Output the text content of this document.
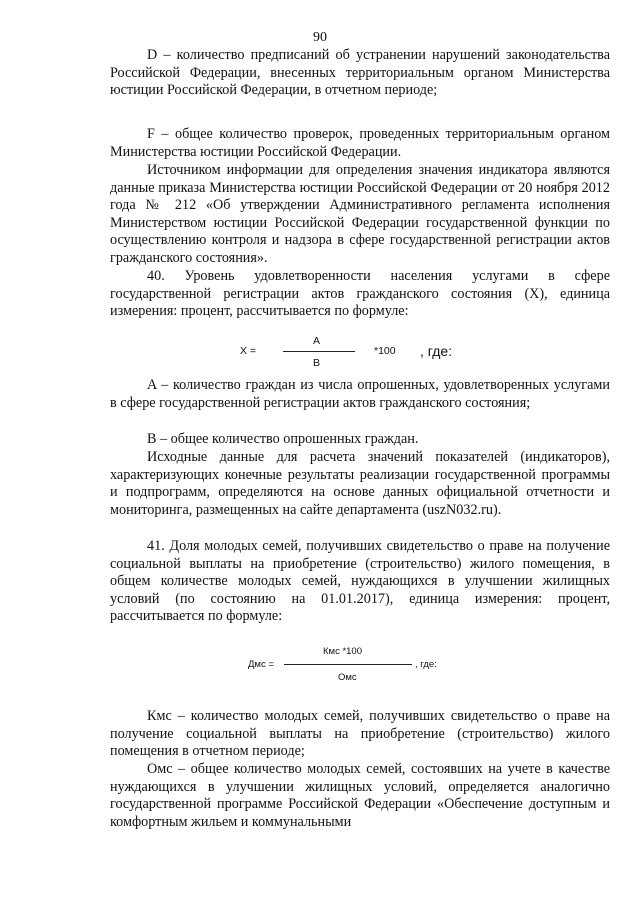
90

D – количество предписаний об устранении нарушений законодательства Российской Федерации, внесенных территориальным органом Министерства юстиции Российской Федерации, в отчетном периоде;

F – общее количество проверок, проведенных территориальным органом Министерства юстиции Российской Федерации.

Источником информации для определения значения индикатора являются данные приказа Министерства юстиции Российской Федерации от 20 ноября 2012 года № 212 «Об утверждении Административного регламента исполнения Министерством юстиции Российской Федерации государственной функции по осуществлению контроля и надзора в сфере государственной регистрации актов гражданского состояния».

40. Уровень удовлетворенности населения услугами в сфере государственной регистрации актов гражданского состояния (X), единица измерения: процент, рассчитывается по формуле:

X =
A
B
*100 , где:

A – количество граждан из числа опрошенных, удовлетворенных услугами в сфере государственной регистрации актов гражданского состояния;

B – общее количество опрошенных граждан.

Исходные данные для расчета значений показателей (индикаторов), характеризующих конечные результаты реализации государственной программы и подпрограмм, определяются на основе данных официальной отчетности и мониторинга, размещенных на сайте департамента (uszN032.ru).

41. Доля молодых семей, получивших свидетельство о праве на получение социальной выплаты на приобретение (строительство) жилого помещения, в общем количестве молодых семей, нуждающихся в улучшении жилищных условий (по состоянию на 01.01.2017), единица измерения: процент, рассчитывается по формуле:

Дмс =
Кмс *100
Омс
, где:

Кмс – количество молодых семей, получивших свидетельство о праве на получение социальной выплаты на приобретение (строительство) жилого помещения в отчетном периоде;

Омс – общее количество молодых семей, состоявших на учете в качестве нуждающихся в улучшении жилищных условий, определяется аналогично государственной программе Российской Федерации «Обеспечение доступным и комфортным жильем и коммунальными
